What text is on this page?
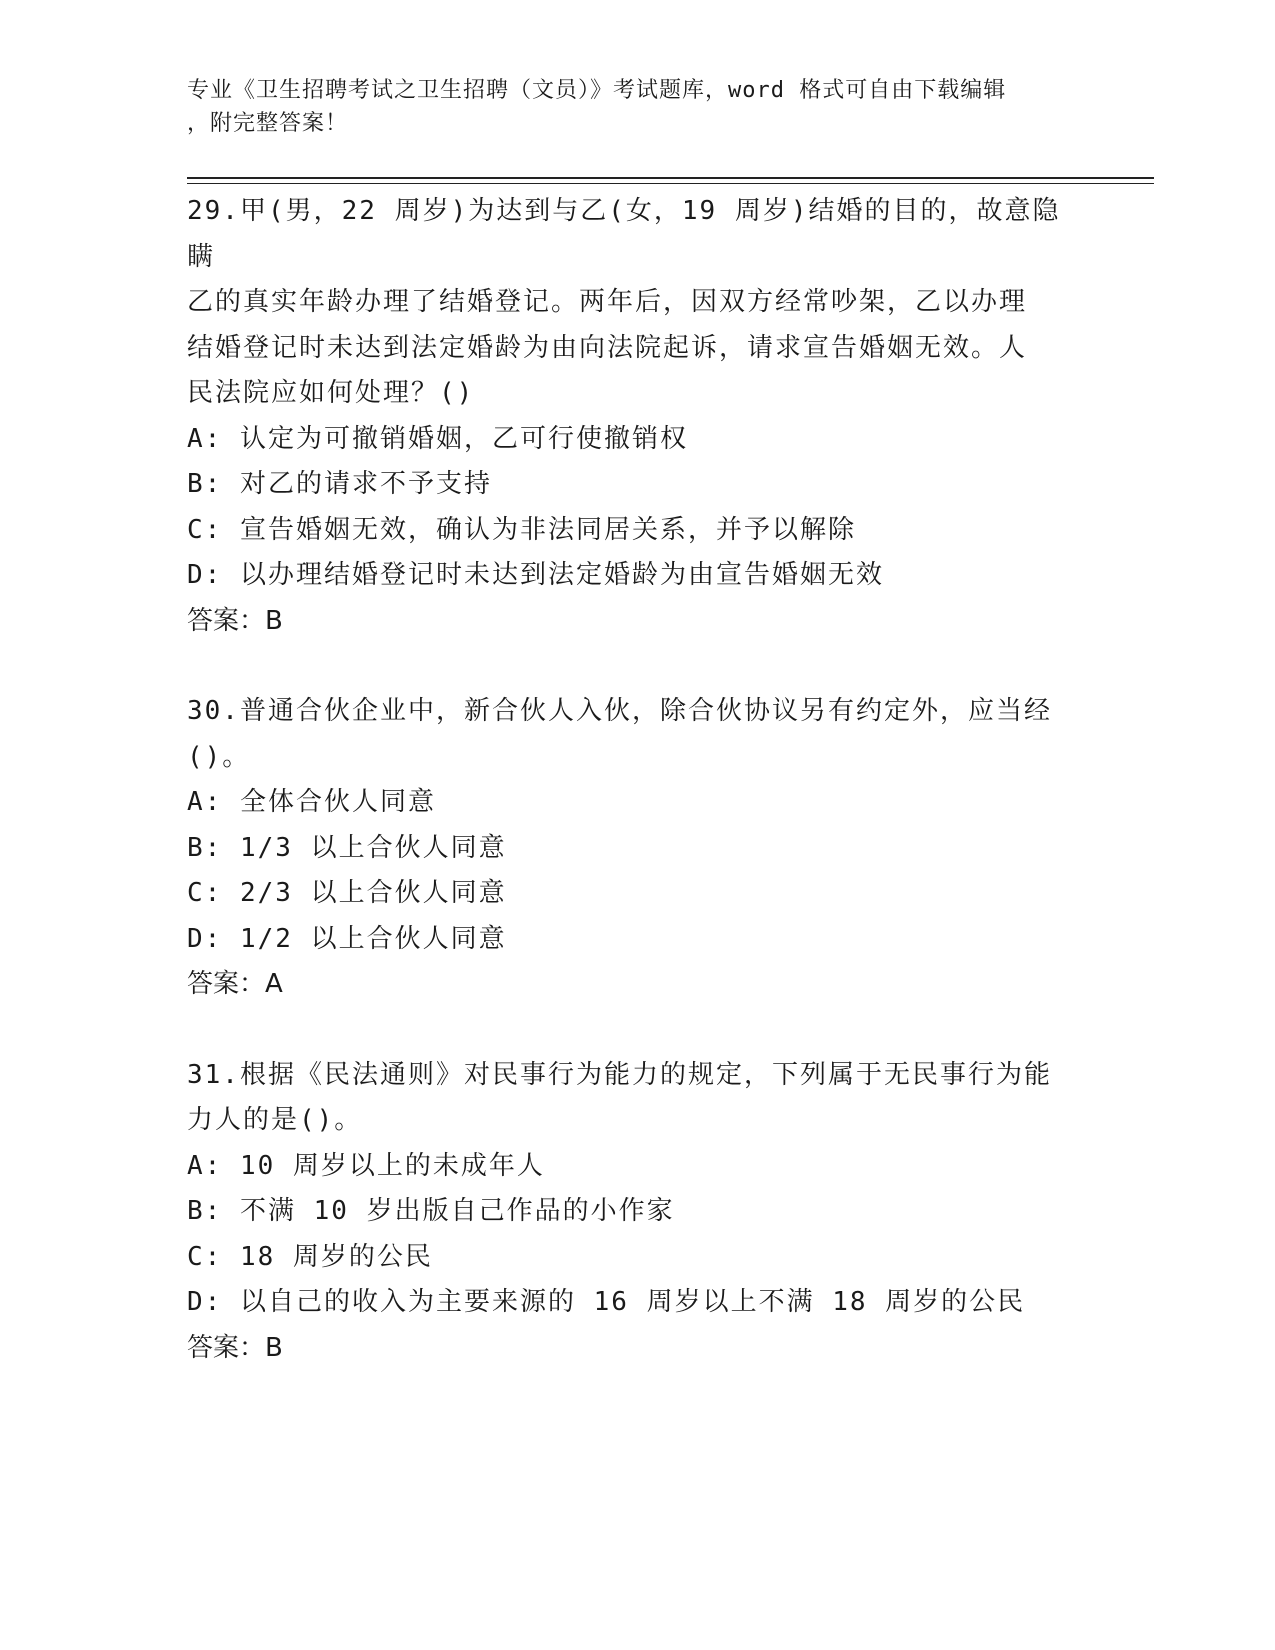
专业《卫生招聘考试之卫生招聘（文员）》考试题库，word 格式可自由下载编辑
，附完整答案！

29.甲(男，22 周岁)为达到与乙(女，19 周岁)结婚的目的，故意隐瞒

乙的真实年龄办理了结婚登记。两年后，因双方经常吵架，乙以办理

结婚登记时未达到法定婚龄为由向法院起诉，请求宣告婚姻无效。人

民法院应如何处理？()

A: 认定为可撤销婚姻，乙可行使撤销权

B: 对乙的请求不予支持

C: 宣告婚姻无效，确认为非法同居关系，并予以解除

D: 以办理结婚登记时未达到法定婚龄为由宣告婚姻无效

答案：B

30.普通合伙企业中，新合伙人入伙，除合伙协议另有约定外，应当经

()。

A: 全体合伙人同意

B: 1/3 以上合伙人同意

C: 2/3 以上合伙人同意

D: 1/2 以上合伙人同意

答案：A

31.根据《民法通则》对民事行为能力的规定，下列属于无民事行为能

力人的是()。

A: 10 周岁以上的未成年人

B: 不满 10 岁出版自己作品的小作家

C: 18 周岁的公民

D: 以自己的收入为主要来源的 16 周岁以上不满 18 周岁的公民

答案：B
